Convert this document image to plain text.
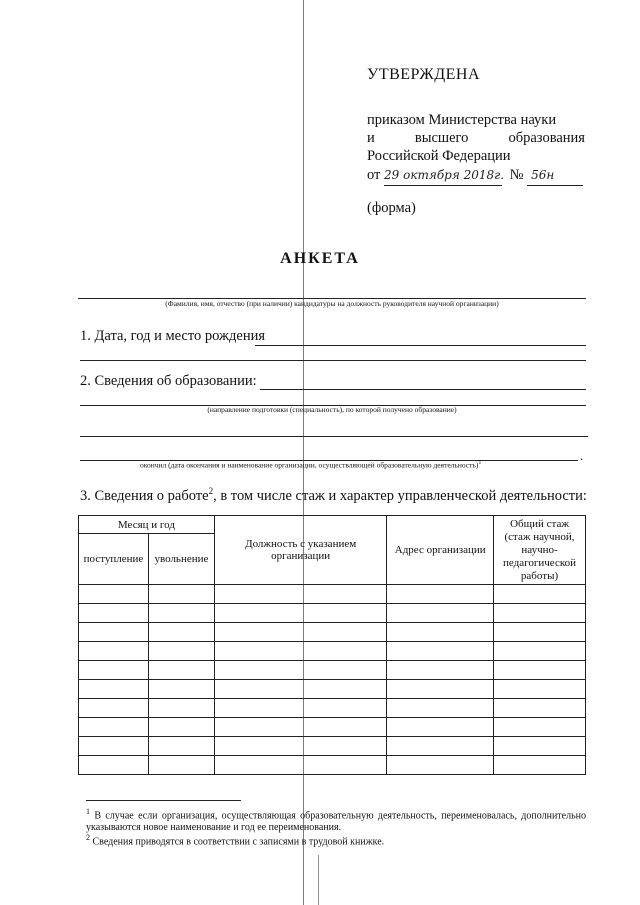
УТВЕРЖДЕНА
приказом Министерства науки
и	высшего	образования
Российской Федерации
от 29 октября 2018г. № 56н
(форма)
АНКЕТА
(Фамилия, имя, отчество (при наличии) кандидатуры на должность руководителя научной организации)
1. Дата, год и место рождения
2. Сведения об образовании:
(направление подготовки (специальность), по которой получено образование)
.
окончил (дата окончания и наименование организации, осуществляющей образовательную деятельность)$^1$
3. Сведения о работе$^2$, в том числе стаж и характер управленческой деятельности:
Месяц и год		Должность с указанием организации	Адрес организации	Общий стаж (стаж научной, научно-педагогической работы)
поступление	увольнение			

$^1$ В случае если организация, осуществляющая образовательную деятельность, переименовалась, дополнительно указываются новое наименование и год ее переименования.
$^2$ Сведения приводятся в соответствии с записями в трудовой книжке.
